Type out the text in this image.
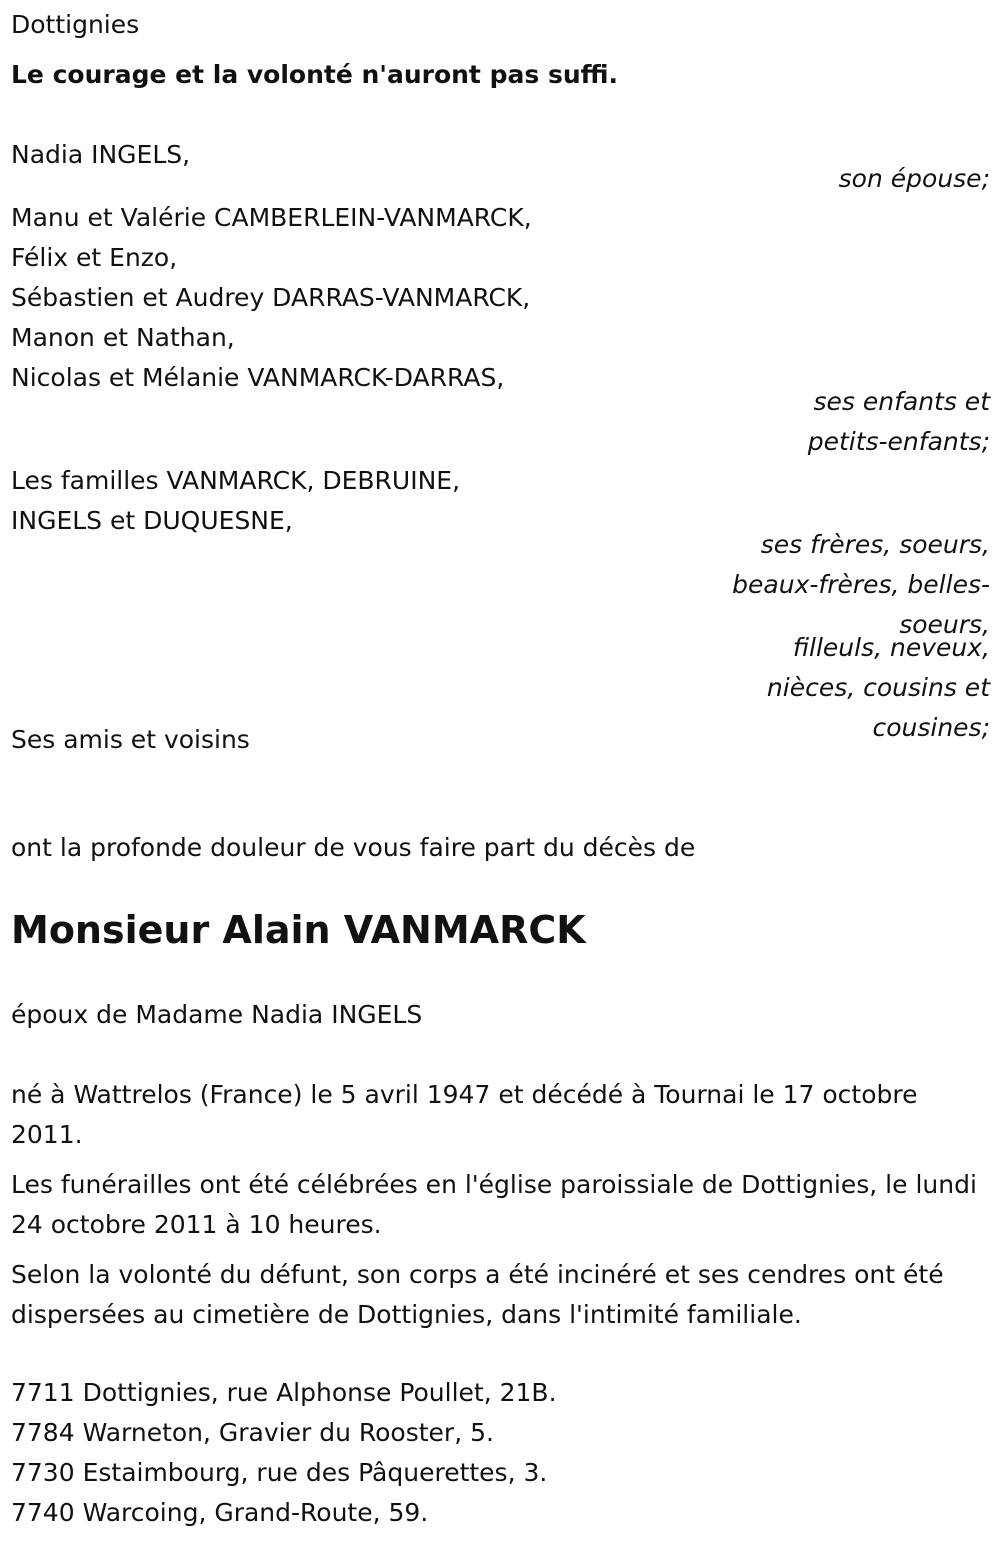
Dottignies
Le courage et la volonté n'auront pas suffi.
Nadia INGELS,
son épouse;
Manu et Valérie CAMBERLEIN-VANMARCK,
Félix et Enzo,
Sébastien et Audrey DARRAS-VANMARCK,
Manon et Nathan,
Nicolas et Mélanie VANMARCK-DARRAS,
ses enfants et
petits-enfants;
Les familles VANMARCK, DEBRUINE,
INGELS et DUQUESNE,
ses frères, soeurs,
beaux-frères, belles-
soeurs,
filleuls, neveux,
nièces, cousins et
cousines;
Ses amis et voisins
ont la profonde douleur de vous faire part du décès de
Monsieur Alain VANMARCK
époux de Madame Nadia INGELS
né à Wattrelos (France) le 5 avril 1947 et décédé à Tournai le 17 octobre 2011.
Les funérailles ont été célébrées en l'église paroissiale de Dottignies, le lundi 24 octobre 2011 à 10 heures.
Selon la volonté du défunt, son corps a été incinéré et ses cendres ont été dispersées au cimetière de Dottignies, dans l'intimité familiale.
7711 Dottignies, rue Alphonse Poullet, 21B.
7784 Warneton, Gravier du Rooster, 5.
7730 Estaimbourg, rue des Pâquerettes, 3.
7740 Warcoing, Grand-Route, 59.
